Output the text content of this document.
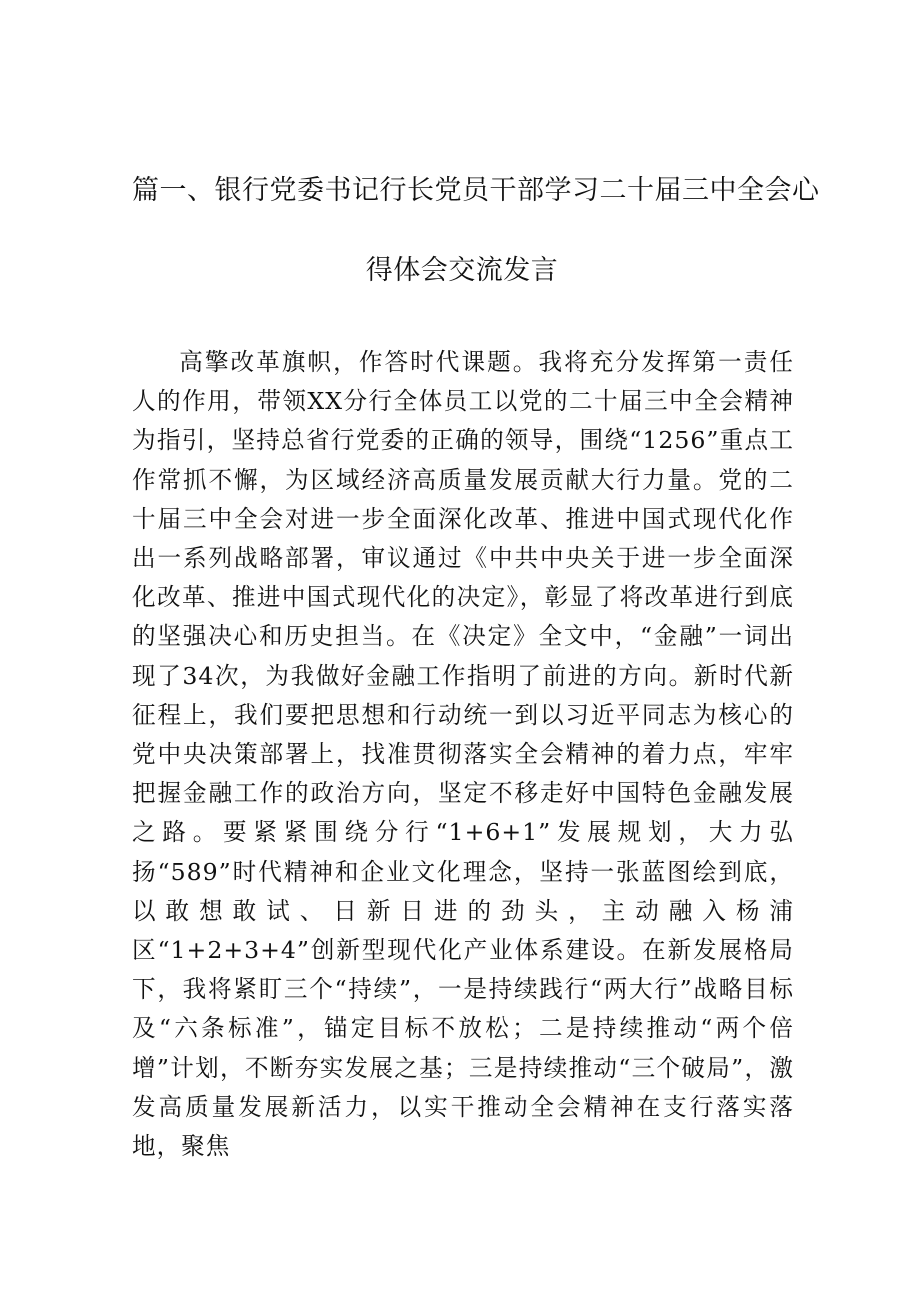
篇一、银行党委书记行长党员干部学习二十届三中全会心
得体会交流发言

高擎改革旗帜，作答时代课题。我将充分发挥第一责任人的作用，带领XX分行全体员工以党的二十届三中全会精神为指引，坚持总省行党委的正确的领导，围绕“1256”重点工作常抓不懈，为区域经济高质量发展贡献大行力量。党的二十届三中全会对进一步全面深化改革、推进中国式现代化作出一系列战略部署，审议通过《中共中央关于进一步全面深化改革、推进中国式现代化的决定》，彰显了将改革进行到底的坚强决心和历史担当。在《决定》全文中，“金融”一词出现了34次，为我做好金融工作指明了前进的方向。新时代新征程上，我们要把思想和行动统一到以习近平同志为核心的党中央决策部署上，找准贯彻落实全会精神的着力点，牢牢把握金融工作的政治方向，坚定不移走好中国特色金融发展之路。要紧紧围绕分行“1+6+1”发展规划，大力弘扬“589”时代精神和企业文化理念，坚持一张蓝图绘到底，以敢想敢试、日新日进的劲头，主动融入杨浦区“1+2+3+4”创新型现代化产业体系建设。在新发展格局下，我将紧盯三个“持续”，一是持续践行“两大行”战略目标及“六条标准”，锚定目标不放松；二是持续推动“两个倍增”计划，不断夯实发展之基；三是持续推动“三个破局”，激发高质量发展新活力，以实干推动全会精神在支行落实落地，聚焦
